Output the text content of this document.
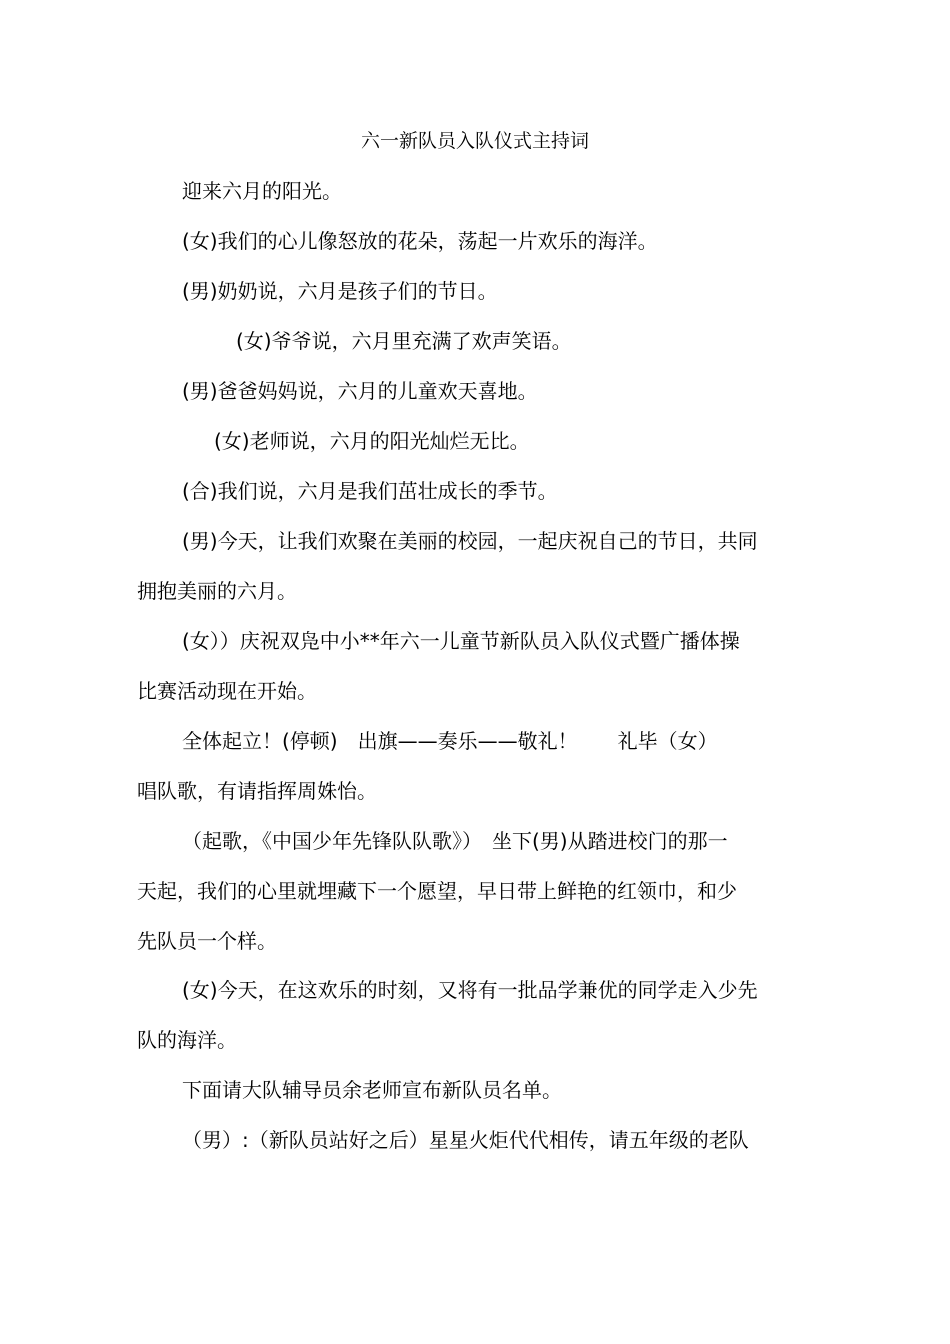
六一新队员入队仪式主持词
迎来六月的阳光。
(女)我们的心儿像怒放的花朵，荡起一片欢乐的海洋。
(男)奶奶说，六月是孩子们的节日。
(女)爷爷说，六月里充满了欢声笑语。
(男)爸爸妈妈说，六月的儿童欢天喜地。
(女)老师说，六月的阳光灿烂无比。
(合)我们说，六月是我们茁壮成长的季节。
(男)今天，让我们欢聚在美丽的校园，一起庆祝自己的节日，共同
拥抱美丽的六月。
(女））庆祝双凫中小**年六一儿童节新队员入队仪式暨广播体操
比赛活动现在开始。
全体起立！(停顿)　出旗——奏乐——敬礼！　　礼毕（女）
唱队歌，有请指挥周姝怡。
（起歌，《中国少年先锋队队歌》）　坐下(男)从踏进校门的那一
天起，我们的心里就埋藏下一个愿望，早日带上鲜艳的红领巾，和少
先队员一个样。
(女)今天，在这欢乐的时刻，又将有一批品学兼优的同学走入少先
队的海洋。
下面请大队辅导员余老师宣布新队员名单。
（男）:（新队员站好之后）星星火炬代代相传，请五年级的老队
